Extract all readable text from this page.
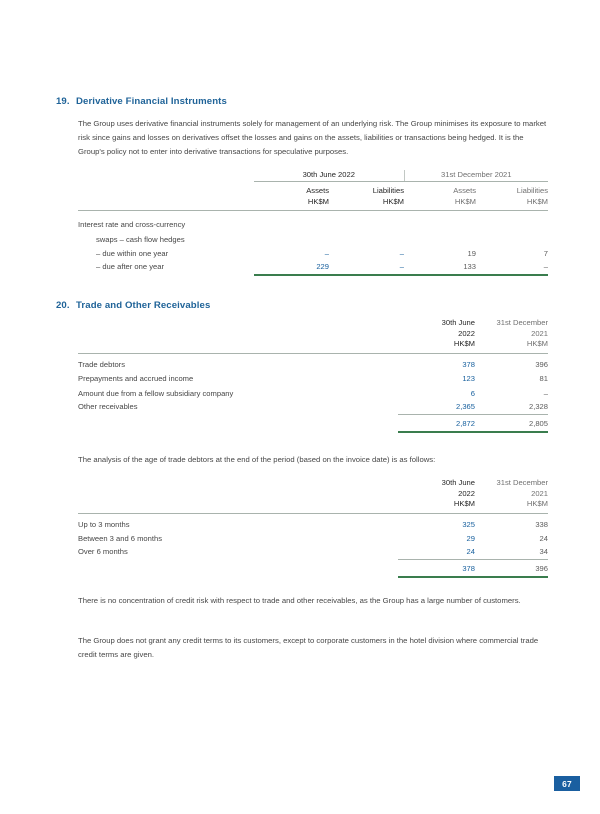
19. Derivative Financial Instruments
The Group uses derivative financial instruments solely for management of an underlying risk. The Group minimises its exposure to market risk since gains and losses on derivatives offset the losses and gains on the assets, liabilities or transactions being hedged. It is the Group's policy not to enter into derivative transactions for speculative purposes.
	30th June 2022		31st December 2021	
	Assets	Liabilities	Assets	Liabilities
	HK$M	HK$M	HK$M	HK$M
Interest rate and cross-currency				
swaps – cash flow hedges				
– due within one year	–	–	19	7
– due after one year	229	–	133	–
20. Trade and Other Receivables
	30th June	31st December
	2022	2021
	HK$M	HK$M
Trade debtors	378	396
Prepayments and accrued income	123	81
Amount due from a fellow subsidiary company	6	–
Other receivables	2,365	2,328
	2,872	2,805
The analysis of the age of trade debtors at the end of the period (based on the invoice date) is as follows:
	30th June	31st December
	2022	2021
	HK$M	HK$M
Up to 3 months	325	338
Between 3 and 6 months	29	24
Over 6 months	24	34
	378	396
There is no concentration of credit risk with respect to trade and other receivables, as the Group has a large number of customers.
The Group does not grant any credit terms to its customers, except to corporate customers in the hotel division where commercial trade credit terms are given.
67
